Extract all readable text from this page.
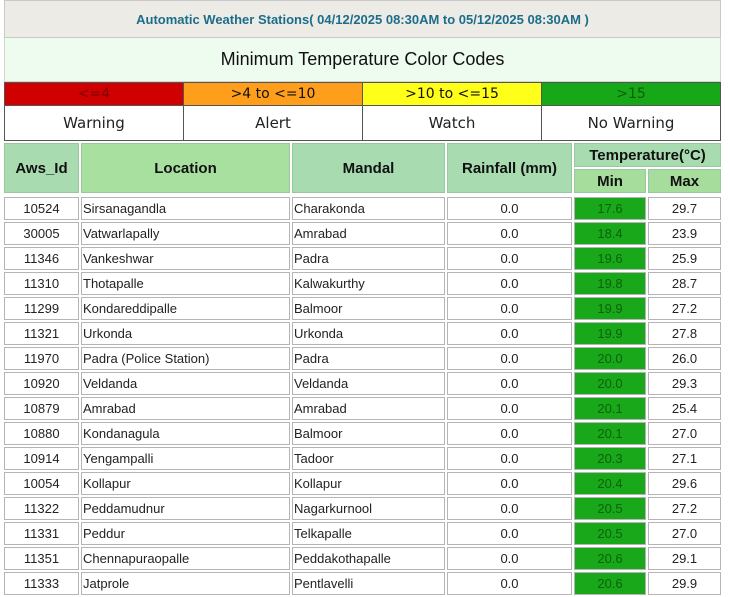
Automatic Weather Stations( 04/12/2025 08:30AM to 05/12/2025 08:30AM )
Minimum Temperature Color Codes
<=4	>4 to <=10	>10 to <=15	>15
Warning	Alert	Watch	No Warning
Aws_Id	Location	Mandal	Rainfall (mm)	Temperature(°C)	
				Min	Max

10524	Sirsanagandla	Charakonda	0.0	17.6	29.7
30005	Vatwarlapally	Amrabad	0.0	18.4	23.9
11346	Vankeshwar	Padra	0.0	19.6	25.9
11310	Thotapalle	Kalwakurthy	0.0	19.8	28.7
11299	Kondareddipalle	Balmoor	0.0	19.9	27.2
11321	Urkonda	Urkonda	0.0	19.9	27.8
11970	Padra (Police Station)	Padra	0.0	20.0	26.0
10920	Veldanda	Veldanda	0.0	20.0	29.3
10879	Amrabad	Amrabad	0.0	20.1	25.4
10880	Kondanagula	Balmoor	0.0	20.1	27.0
10914	Yengampalli	Tadoor	0.0	20.3	27.1
10054	Kollapur	Kollapur	0.0	20.4	29.6
11322	Peddamudnur	Nagarkurnool	0.0	20.5	27.2
11331	Peddur	Telkapalle	0.0	20.5	27.0
11351	Chennapuraopalle	Peddakothapalle	0.0	20.6	29.1
11333	Jatprole	Pentlavelli	0.0	20.6	29.9
